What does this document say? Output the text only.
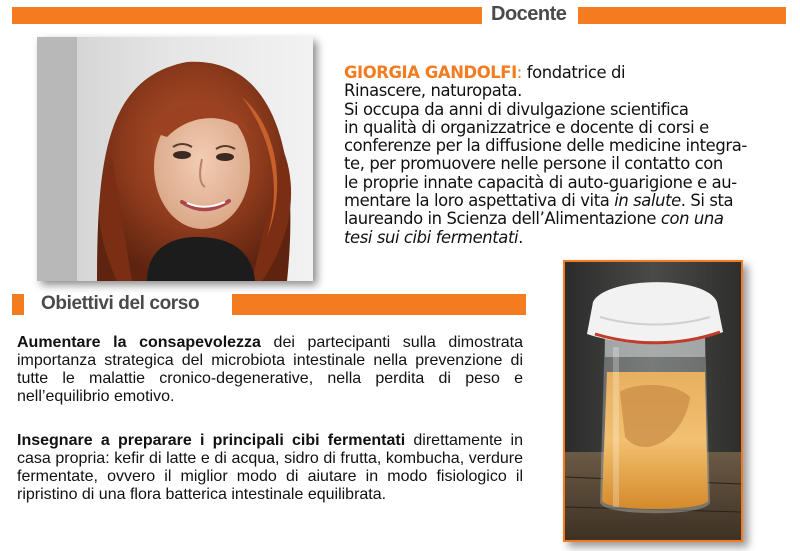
Docente
GIORGIA GANDOLFI: fondatrice di
Rinascere, naturopata.
Si occupa da anni di divulgazione scientifica
in qualità di organizzatrice e docente di corsi e
conferenze per la diffusione delle medicine integra-
te, per promuovere nelle persone il contatto con
le proprie innate capacità di auto-guarigione e au-
mentare la loro aspettativa di vita in salute. Si sta
laureando in Scienza dell’Alimentazione con una
tesi sui cibi fermentati.
Obiettivi del corso
Aumentare la consapevolezza dei partecipanti sulla dimostrata importanza strategica del microbiota intestinale nella prevenzione di tutte le malattie cronico-degenerative, nella perdita di peso e nell’equilibrio emotivo.
Insegnare a preparare i principali cibi fermentati direttamente in casa propria: kefir di latte e di acqua, sidro di frutta, kombucha, verdure fermentate, ovvero il miglior modo di aiutare in modo fisiologico il ripristino di una flora batterica intestinale equilibrata.
